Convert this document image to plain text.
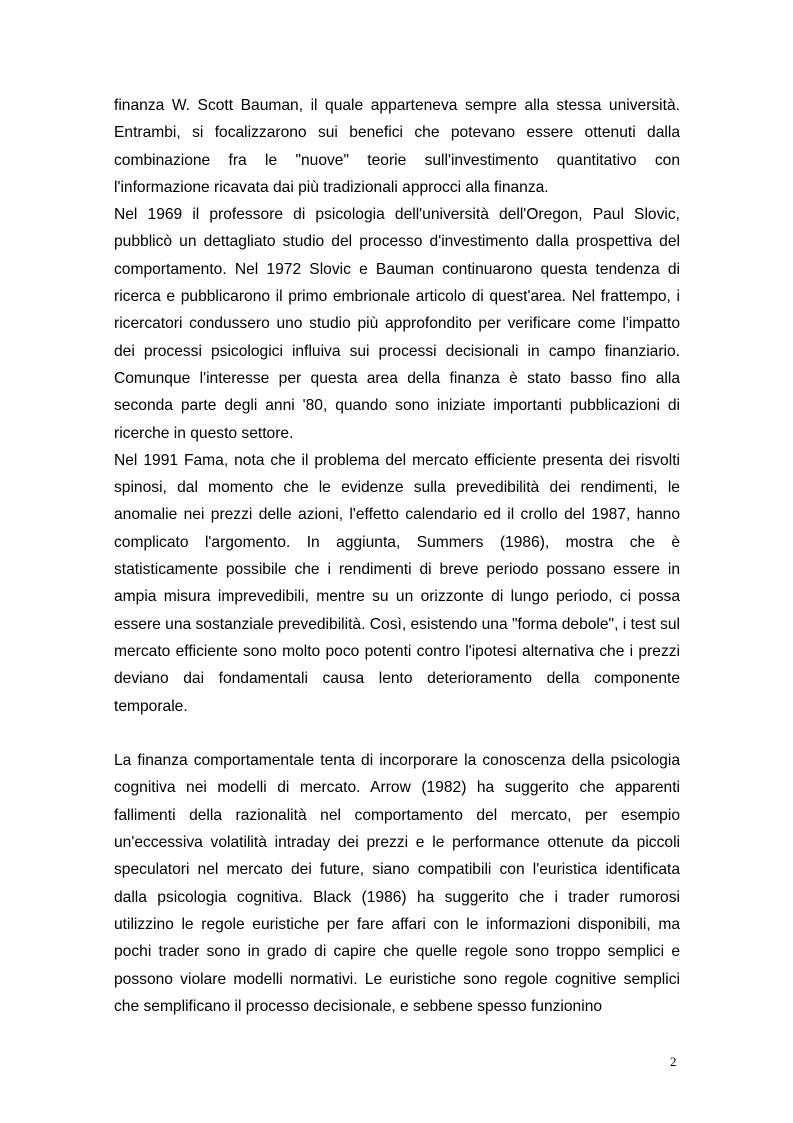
finanza W. Scott Bauman, il quale apparteneva sempre alla stessa università. Entrambi, si focalizzarono sui benefici che potevano essere ottenuti dalla combinazione fra le "nuove" teorie sull'investimento quantitativo con l'informazione ricavata dai più tradizionali approcci alla finanza.

Nel 1969 il professore di psicologia dell'università dell'Oregon, Paul Slovic, pubblicò un dettagliato studio del processo d'investimento dalla prospettiva del comportamento. Nel 1972 Slovic e Bauman continuarono questa tendenza di ricerca e pubblicarono il primo embrionale articolo di quest'area. Nel frattempo, i ricercatori condussero uno studio più approfondito per verificare come l'impatto dei processi psicologici influiva sui processi decisionali in campo finanziario. Comunque l'interesse per questa area della finanza è stato basso fino alla seconda parte degli anni '80, quando sono iniziate importanti pubblicazioni di ricerche in questo settore.

Nel 1991 Fama, nota che il problema del mercato efficiente presenta dei risvolti spinosi, dal momento che le evidenze sulla prevedibilità dei rendimenti, le anomalie nei prezzi delle azioni, l'effetto calendario ed il crollo del 1987, hanno complicato l'argomento. In aggiunta, Summers (1986), mostra che è statisticamente possibile che i rendimenti di breve periodo possano essere in ampia misura imprevedibili, mentre su un orizzonte di lungo periodo, ci possa essere una sostanziale prevedibilità. Così, esistendo una "forma debole", i test sul mercato efficiente sono molto poco potenti contro l'ipotesi alternativa che i prezzi deviano dai fondamentali causa lento deterioramento della componente temporale.

La finanza comportamentale tenta di incorporare la conoscenza della psicologia cognitiva nei modelli di mercato. Arrow (1982) ha suggerito che apparenti fallimenti della razionalità nel comportamento del mercato, per esempio un'eccessiva volatilità intraday dei prezzi e le performance ottenute da piccoli speculatori nel mercato dei future, siano compatibili con l'euristica identificata dalla psicologia cognitiva. Black (1986) ha suggerito che i trader rumorosi utilizzino le regole euristiche per fare affari con le informazioni disponibili, ma pochi trader sono in grado di capire che quelle regole sono troppo semplici e possono violare modelli normativi. Le euristiche sono regole cognitive semplici che semplificano il processo decisionale, e sebbene spesso funzionino

2
